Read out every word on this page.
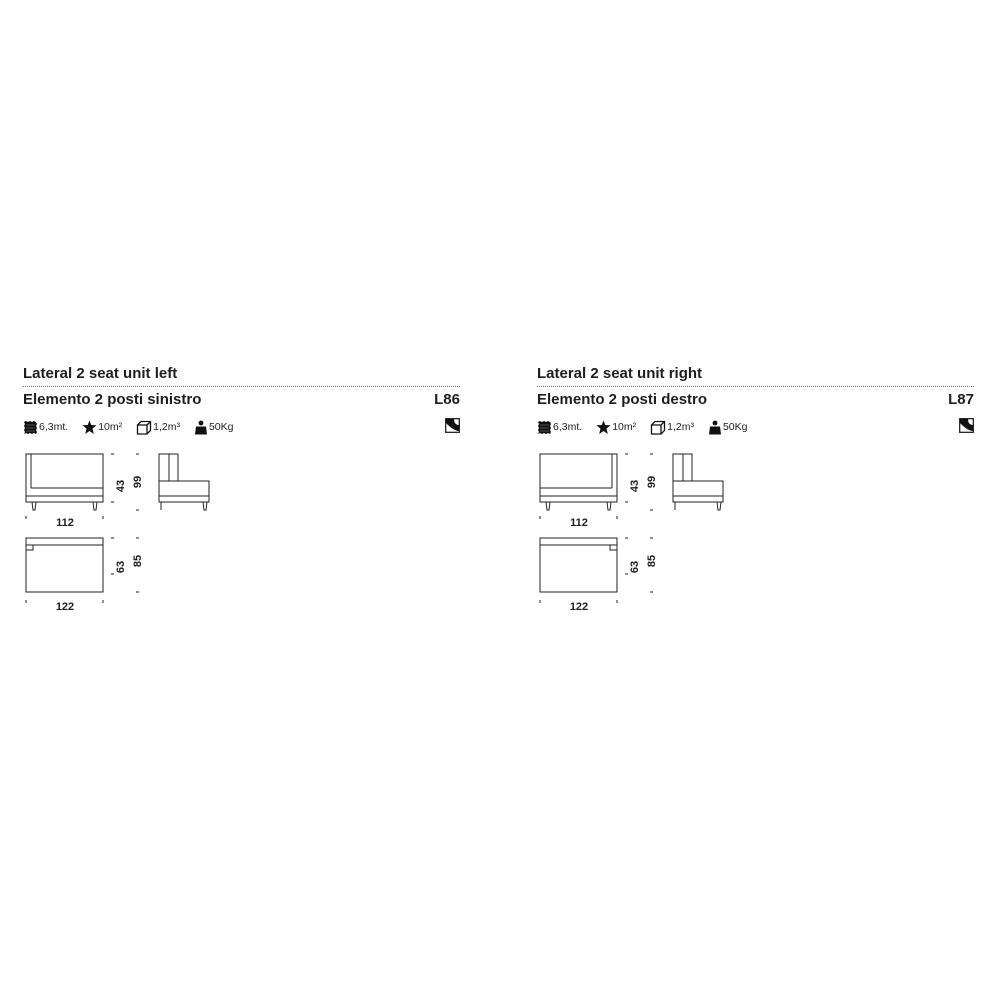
Lateral 2 seat unit left
Elemento 2 posti sinistro	L86
6,3mt.	10m²	1,2m³	50Kg
112
122
43 99
63 85
Lateral 2 seat unit right
Elemento 2 posti destro	L87
6,3mt.	10m²	1,2m³	50Kg
112
122
43 99
63 85
